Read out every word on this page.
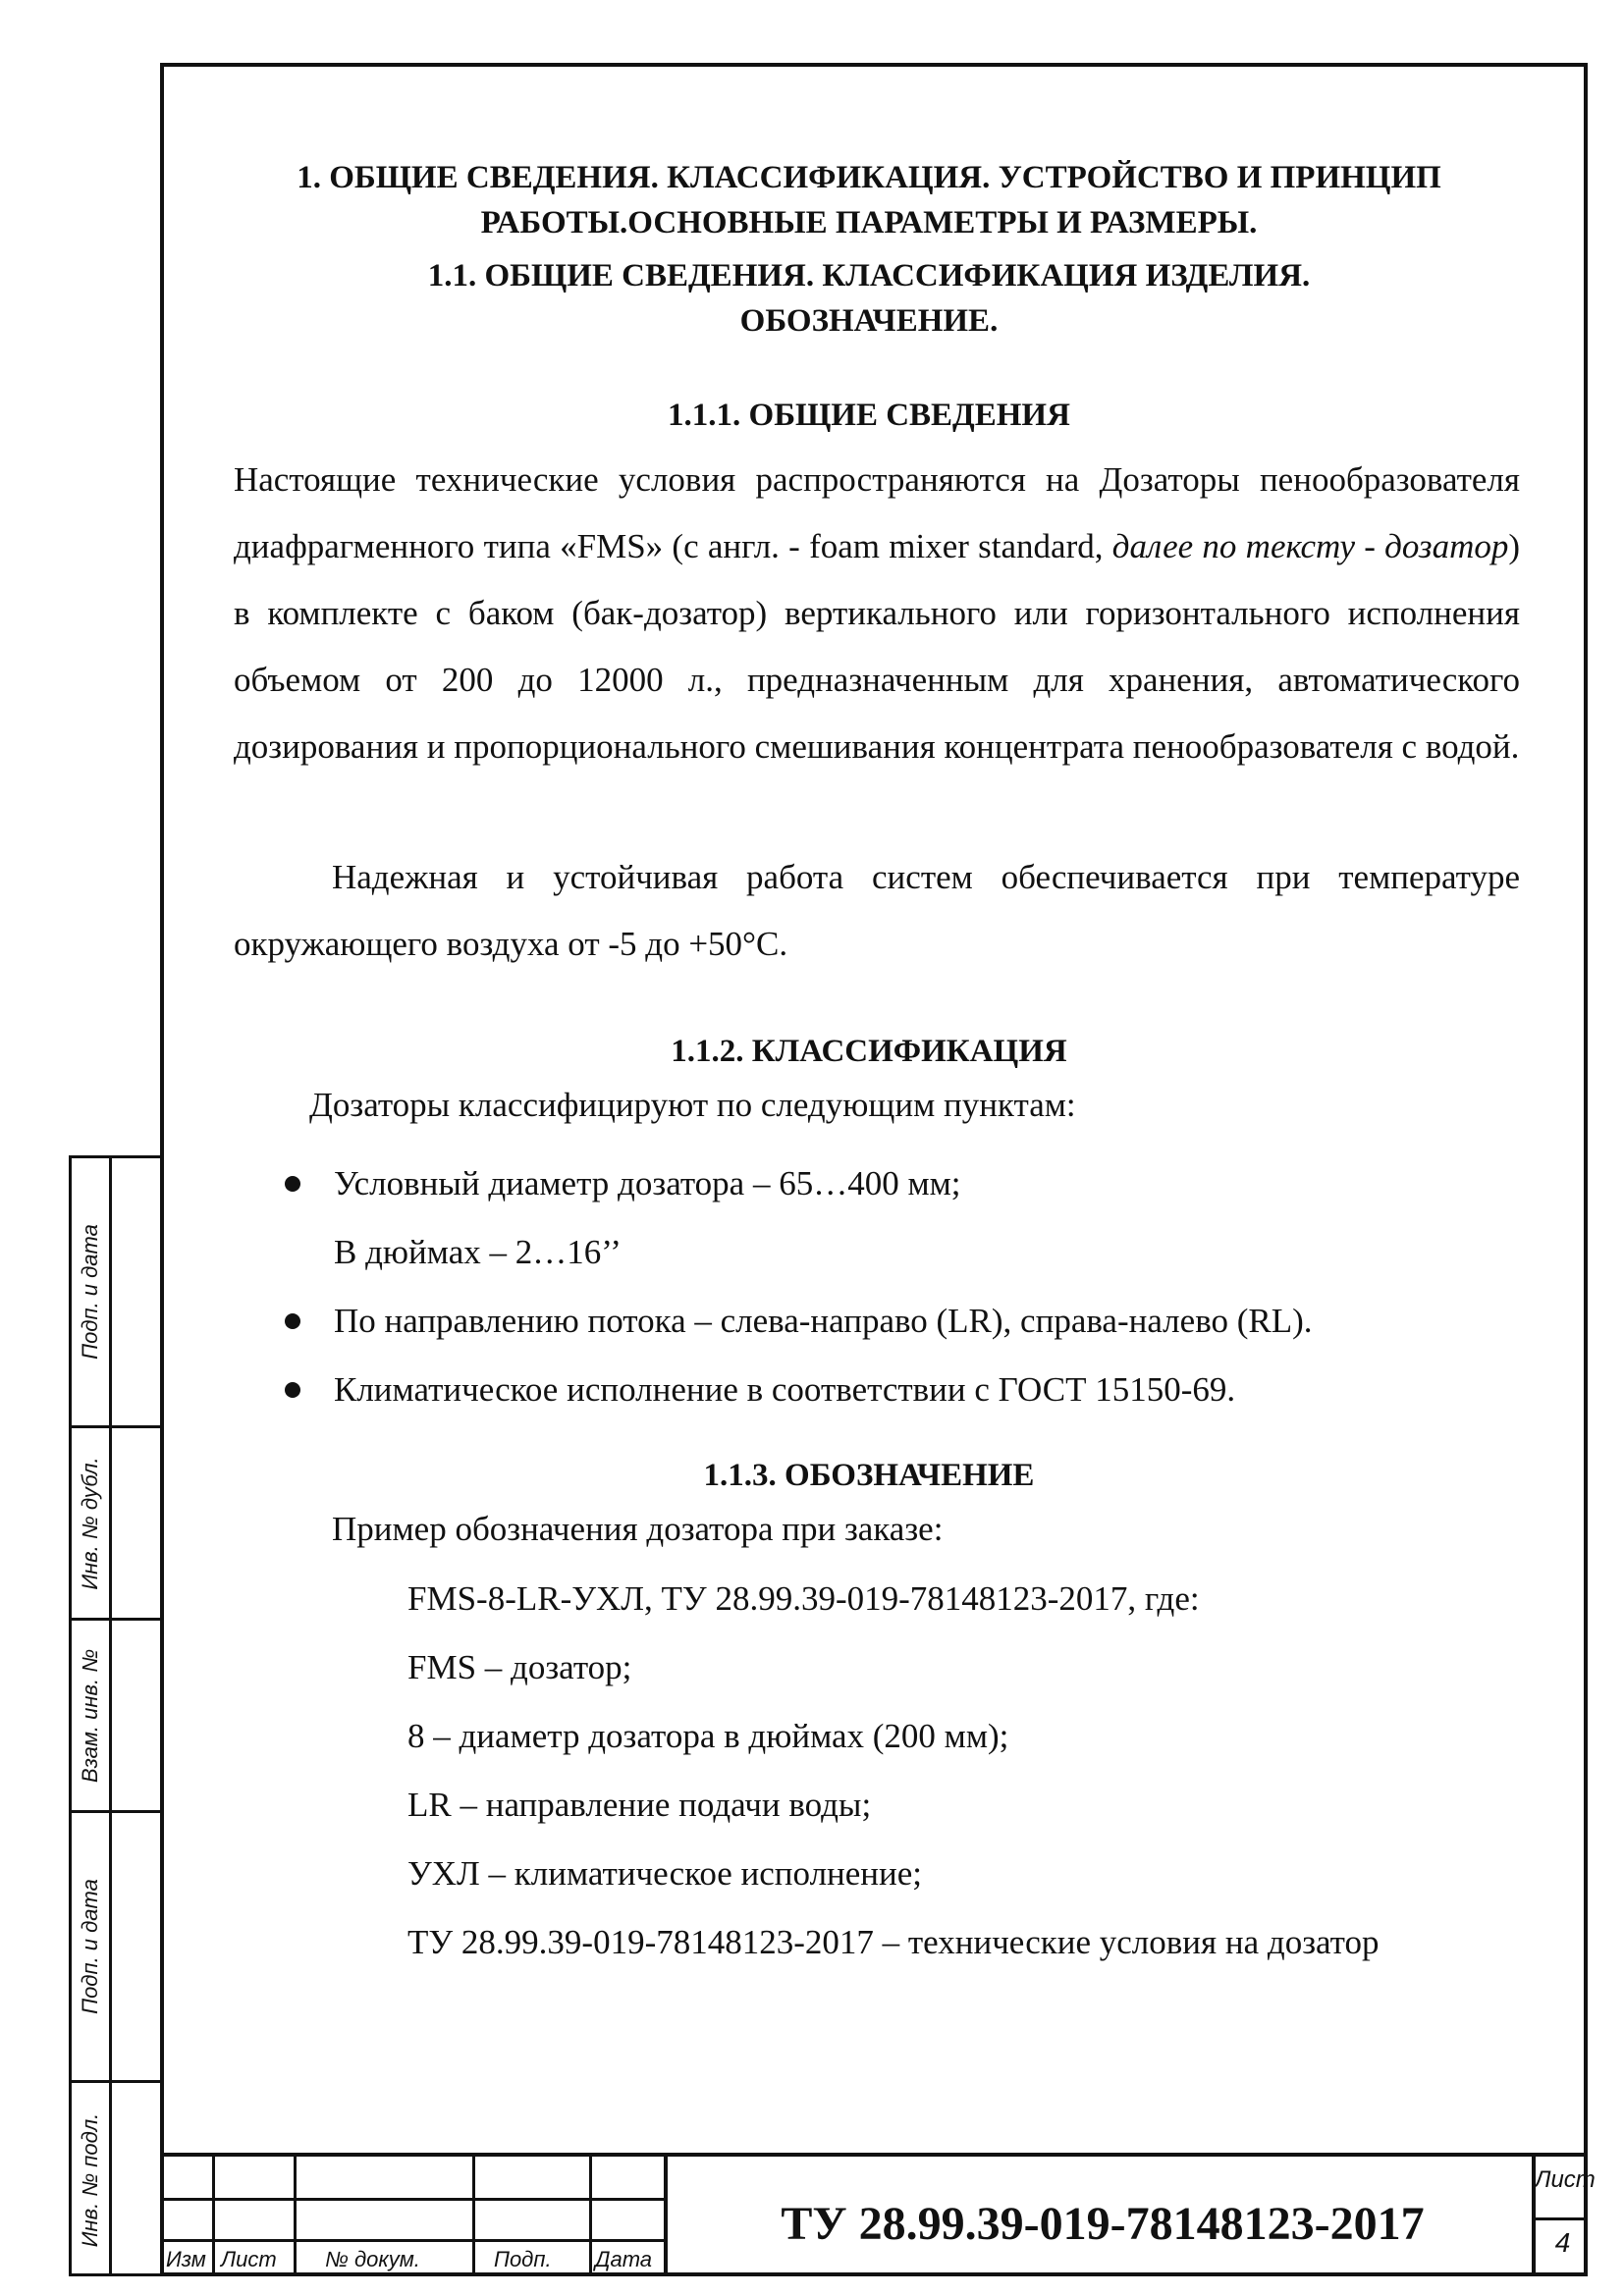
1. ОБЩИЕ СВЕДЕНИЯ. КЛАССИФИКАЦИЯ. УСТРОЙСТВО И ПРИНЦИП
РАБОТЫ.ОСНОВНЫЕ ПАРАМЕТРЫ И РАЗМЕРЫ.
1.1. ОБЩИЕ СВЕДЕНИЯ. КЛАССИФИКАЦИЯ ИЗДЕЛИЯ.
ОБОЗНАЧЕНИЕ.
1.1.1. ОБЩИЕ СВЕДЕНИЯ
Настоящие технические условия распространяются на Дозаторы пенообразователя диафрагменного типа «FMS» (с англ. - foam mixer standard, далее по тексту - дозатор) в комплекте с баком (бак-дозатор) вертикального или горизонтального исполнения объемом от 200 до 12000 л., предназначенным для хранения, автоматического дозирования и пропорционального смешивания концентрата пенообразователя с водой.
Надежная и устойчивая работа систем обеспечивается при температуре окружающего воздуха от -5 до +50°С.
1.1.2. КЛАССИФИКАЦИЯ
Дозаторы классифицируют по следующим пунктам:
Условный диаметр дозатора – 65…400 мм;
В дюймах – 2…16’’
По направлению потока – слева-направо (LR), справа-налево (RL).
Климатическое исполнение в соответствии с ГОСТ 15150-69.
1.1.3. ОБОЗНАЧЕНИЕ
Пример обозначения дозатора при заказе:
FMS-8-LR-УХЛ, ТУ 28.99.39-019-78148123-2017, где:
FMS – дозатор;
8 – диаметр дозатора в дюймах (200 мм);
LR – направление подачи воды;
УХЛ – климатическое исполнение;
ТУ 28.99.39-019-78148123-2017 – технические условия на дозатор
Подп. и дата
Инв. № дубл.
Взам. инв. №
Подп. и дата
Инв. № подл.
Изм Лист № докум.	Подп. Дата
ТУ 28.99.39-019-78148123-2017
Лист
4
